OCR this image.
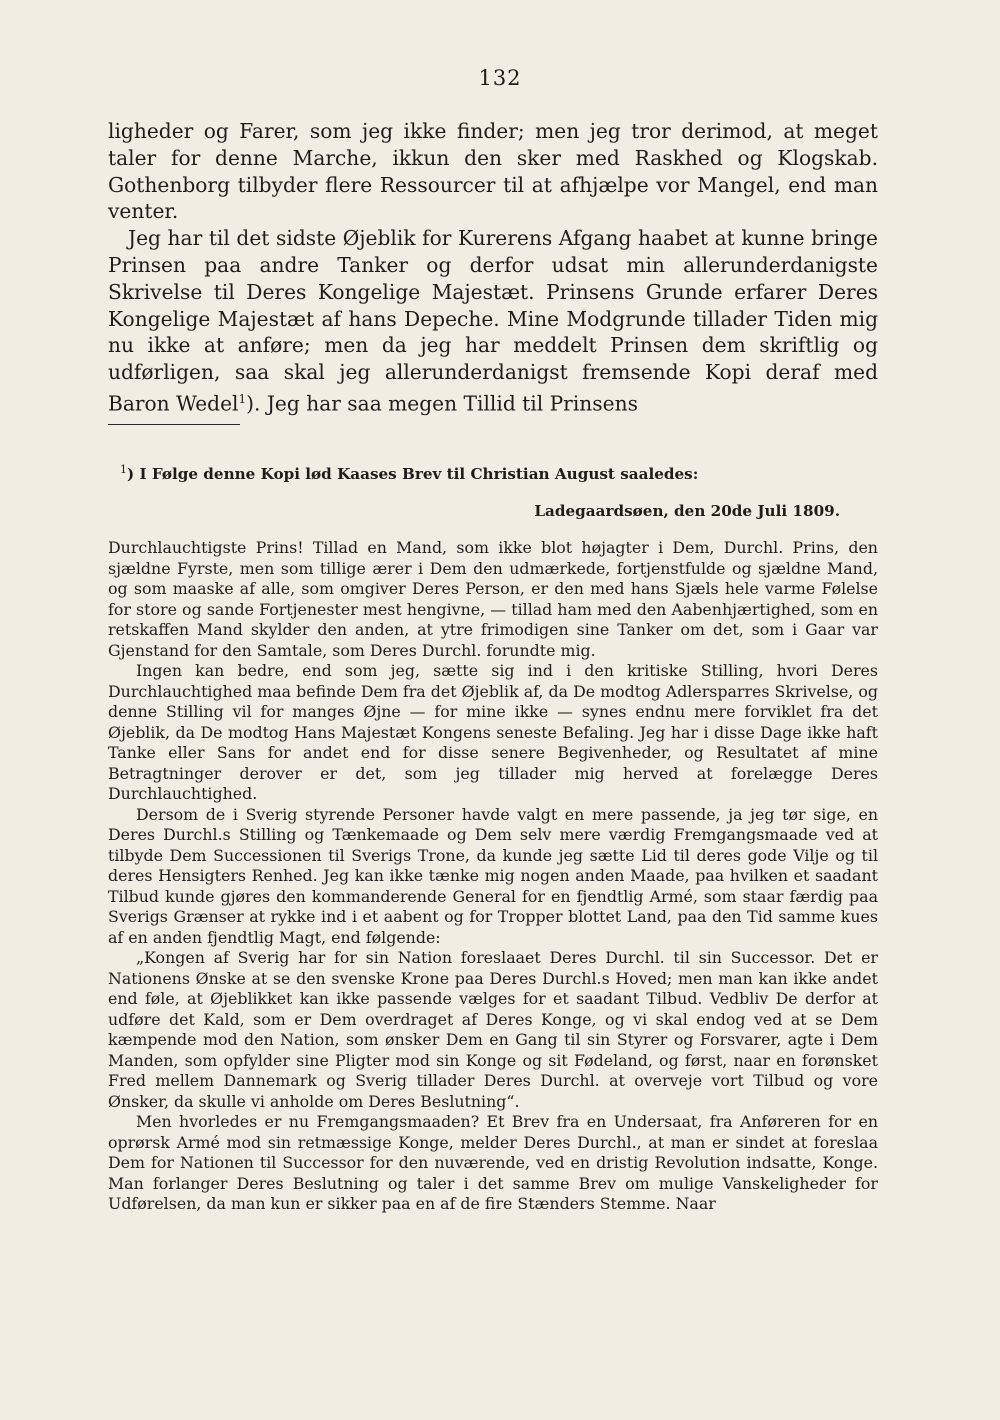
132

ligheder og Farer, som jeg ikke finder; men jeg tror derimod, at meget taler for denne Marche, ikkun den sker med Raskhed og Klogskab. Gothenborg tilbyder flere Ressourcer til at afhjælpe vor Mangel, end man venter.

Jeg har til det sidste Øjeblik for Kurerens Afgang haabet at kunne bringe Prinsen paa andre Tanker og derfor udsat min allerunderdanigste Skrivelse til Deres Kongelige Majestæt. Prinsens Grunde erfarer Deres Kongelige Majestæt af hans Depeche. Mine Modgrunde tillader Tiden mig nu ikke at anføre; men da jeg har meddelt Prinsen dem skriftlig og udførligen, saa skal jeg allerunderdanigst fremsende Kopi deraf med Baron Wedel$^1$). Jeg har saa megen Tillid til Prinsens

$^1$) I Følge denne Kopi lød Kaases Brev til Christian August saaledes:
Ladegaardsøen, den 20de Juli 1809.

Durchlauchtigste Prins! Tillad en Mand, som ikke blot højagter i Dem, Durchl. Prins, den sjældne Fyrste, men som tillige ærer i Dem den udmærkede, fortjenstfulde og sjældne Mand, og som maaske af alle, som omgiver Deres Person, er den med hans Sjæls hele varme Følelse for store og sande Fortjenester mest hengivne, — tillad ham med den Aabenhjærtighed, som en retskaffen Mand skylder den anden, at ytre frimodigen sine Tanker om det, som i Gaar var Gjenstand for den Samtale, som Deres Durchl. forundte mig.

Ingen kan bedre, end som jeg, sætte sig ind i den kritiske Stilling, hvori Deres Durchlauchtighed maa befinde Dem fra det Øjeblik af, da De modtog Adlersparres Skrivelse, og denne Stilling vil for manges Øjne — for mine ikke — synes endnu mere forviklet fra det Øjeblik, da De modtog Hans Majestæt Kongens seneste Befaling. Jeg har i disse Dage ikke haft Tanke eller Sans for andet end for disse senere Begivenheder, og Resultatet af mine Betragtninger derover er det, som jeg tillader mig herved at forelægge Deres Durchlauchtighed.

Dersom de i Sverig styrende Personer havde valgt en mere passende, ja jeg tør sige, en Deres Durchl.s Stilling og Tænkemaade og Dem selv mere værdig Fremgangsmaade ved at tilbyde Dem Successionen til Sverigs Trone, da kunde jeg sætte Lid til deres gode Vilje og til deres Hensigters Renhed. Jeg kan ikke tænke mig nogen anden Maade, paa hvilken et saadant Tilbud kunde gjøres den kommanderende General for en fjendtlig Armé, som staar færdig paa Sverigs Grænser at rykke ind i et aabent og for Tropper blottet Land, paa den Tid samme kues af en anden fjendtlig Magt, end følgende:

„Kongen af Sverig har for sin Nation foreslaaet Deres Durchl. til sin Successor. Det er Nationens Ønske at se den svenske Krone paa Deres Durchl.s Hoved; men man kan ikke andet end føle, at Øjeblikket kan ikke passende vælges for et saadant Tilbud. Vedbliv De derfor at udføre det Kald, som er Dem overdraget af Deres Konge, og vi skal endog ved at se Dem kæmpende mod den Nation, som ønsker Dem en Gang til sin Styrer og Forsvarer, agte i Dem Manden, som opfylder sine Pligter mod sin Konge og sit Fødeland, og først, naar en forønsket Fred mellem Dannemark og Sverig tillader Deres Durchl. at overveje vort Tilbud og vore Ønsker, da skulle vi anholde om Deres Beslutning“.

Men hvorledes er nu Fremgangsmaaden? Et Brev fra en Undersaat, fra Anføreren for en oprørsk Armé mod sin retmæssige Konge, melder Deres Durchl., at man er sindet at foreslaa Dem for Nationen til Successor for den nuværende, ved en dristig Revolution indsatte, Konge. Man forlanger Deres Beslutning og taler i det samme Brev om mulige Vanskeligheder for Udførelsen, da man kun er sikker paa en af de fire Stænders Stemme. Naar
